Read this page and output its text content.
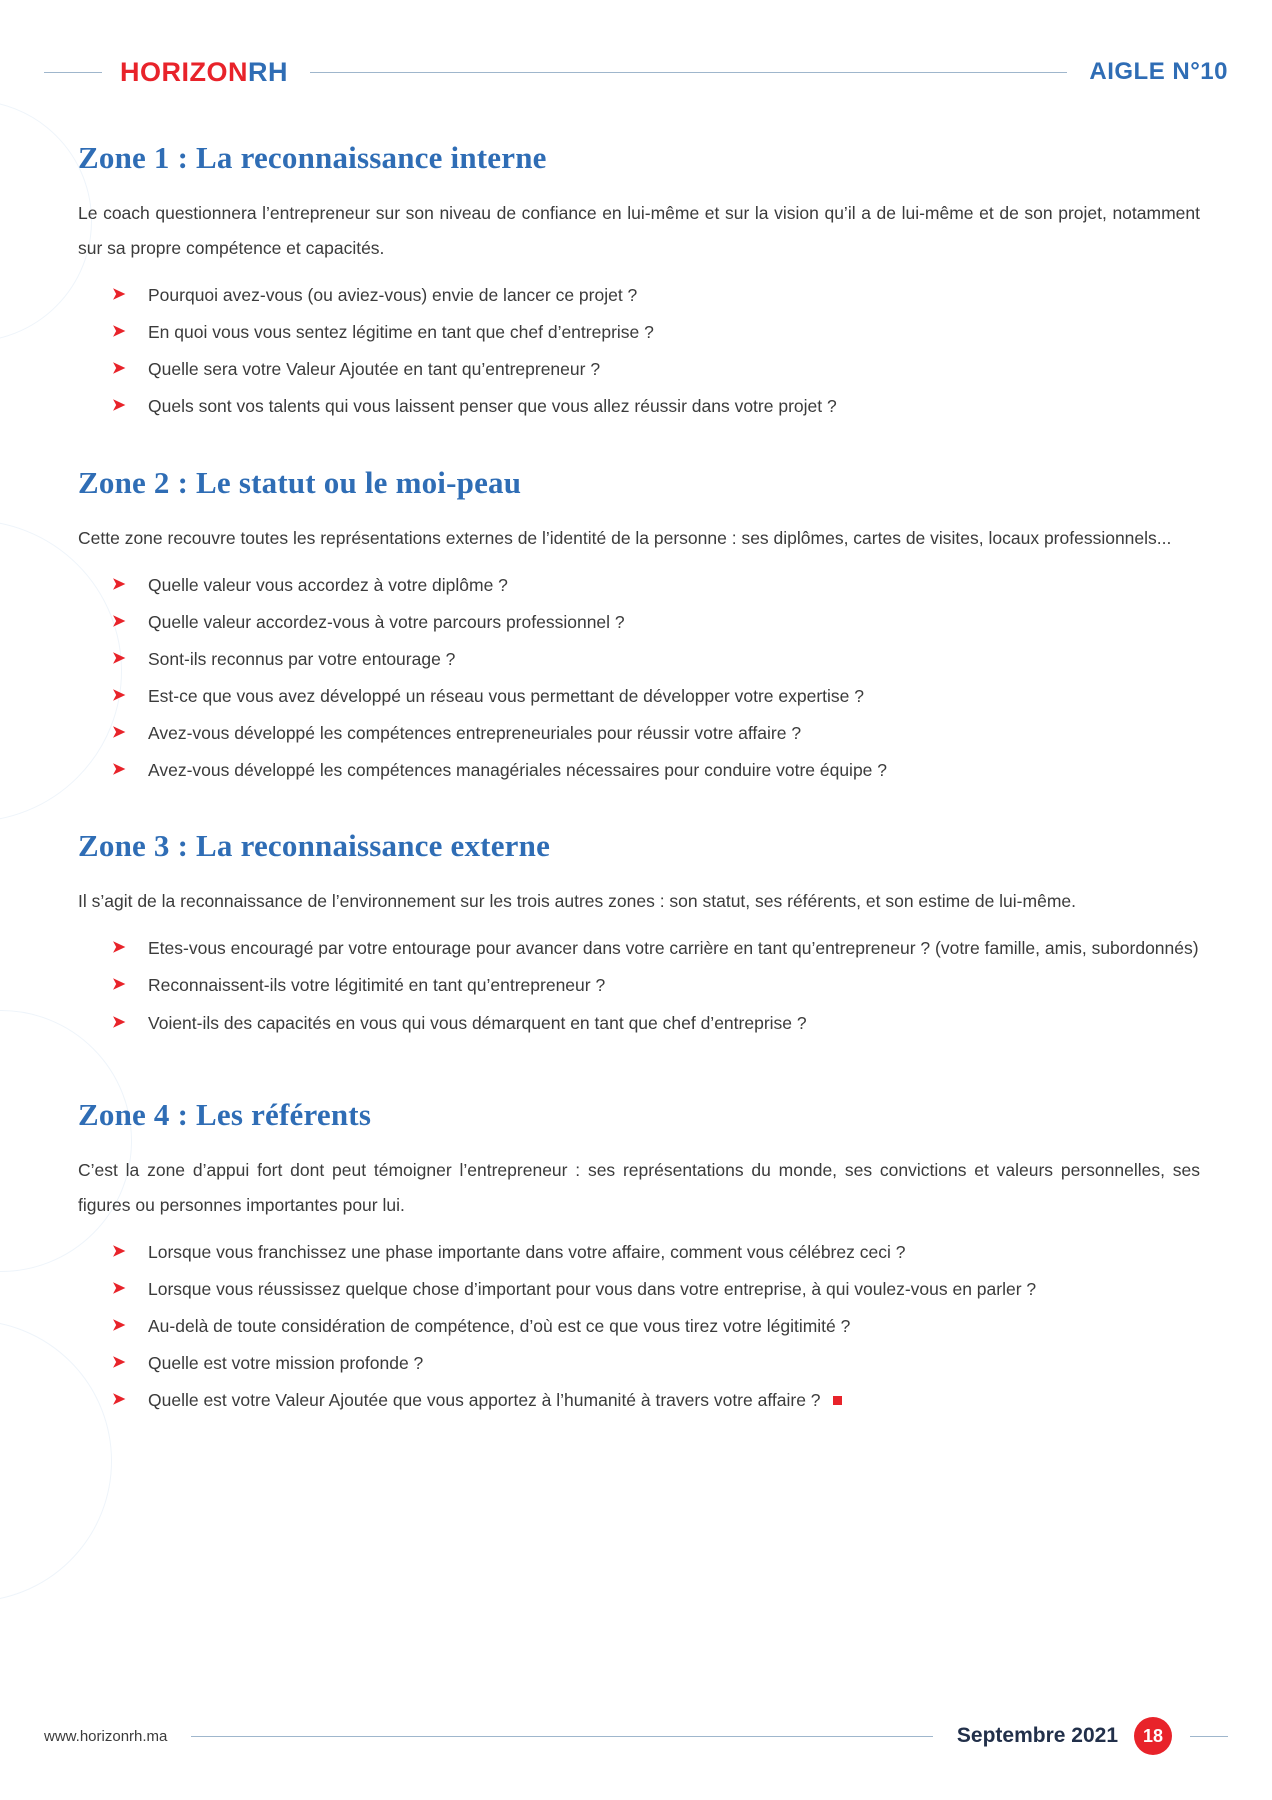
HORIZONRH	AIGLE N°10
Zone 1 : La reconnaissance interne

Le coach questionnera l’entrepreneur sur son niveau de confiance en lui-même et sur la vision qu’il a de lui-même et de son projet, notamment sur sa propre compétence et capacités.

➤ Pourquoi avez-vous (ou aviez-vous) envie de lancer ce projet ?
➤ En quoi vous vous sentez légitime en tant que chef d’entreprise ?
➤ Quelle sera votre Valeur Ajoutée en tant qu’entrepreneur ?
➤ Quels sont vos talents qui vous laissent penser que vous allez réussir dans votre projet ?
Zone 2 : Le statut ou le moi-peau

Cette zone recouvre toutes les représentations externes de l’identité de la personne : ses diplômes, cartes de visites, locaux professionnels...

➤ Quelle valeur vous accordez à votre diplôme ?
➤ Quelle valeur accordez-vous à votre parcours professionnel ?
➤ Sont-ils reconnus par votre entourage ?
➤ Est-ce que vous avez développé un réseau vous permettant de développer votre expertise ?
➤ Avez-vous développé les compétences entrepreneuriales pour réussir votre affaire ?
➤ Avez-vous développé les compétences managériales nécessaires pour conduire votre équipe ?
Zone 3 : La reconnaissance externe

Il s’agit de la reconnaissance de l’environnement sur les trois autres zones : son statut, ses référents, et son estime de lui-même.

➤ Etes-vous encouragé par votre entourage pour avancer dans votre carrière en tant qu’entrepreneur ? (votre famille, amis, subordonnés)
➤ Reconnaissent-ils votre légitimité en tant qu’entrepreneur ?
➤ Voient-ils des capacités en vous qui vous démarquent en tant que chef d’entreprise ?
Zone 4 : Les référents

C’est la zone d’appui fort dont peut témoigner l’entrepreneur : ses représentations du monde, ses convictions et valeurs personnelles, ses figures ou personnes importantes pour lui.

➤ Lorsque vous franchissez une phase importante dans votre affaire, comment vous célébrez ceci ?
➤ Lorsque vous réussissez quelque chose d’important pour vous dans votre entreprise, à qui voulez-vous en parler ?
➤ Au-delà de toute considération de compétence, d’où est ce que vous tirez votre légitimité ?
➤ Quelle est votre mission profonde ?
➤ Quelle est votre Valeur Ajoutée que vous apportez à l’humanité à travers votre affaire ?
www.horizonrh.ma	Septembre 2021	18
